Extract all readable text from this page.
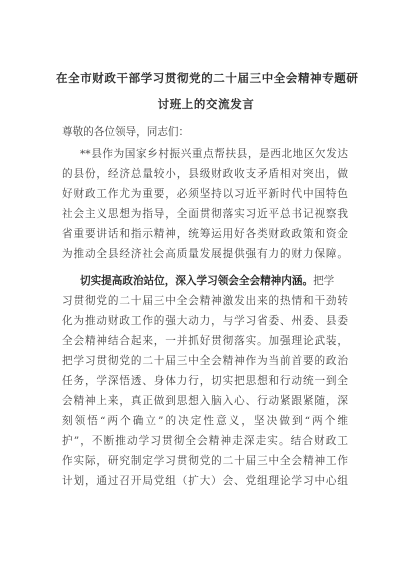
在全市财政干部学习贯彻党的二十届三中全会精神专题研
讨班上的交流发言
尊敬的各位领导，同志们：
**县作为国家乡村振兴重点帮扶县，是西北地区欠发达
的县份，经济总量较小，县级财政收支矛盾相对突出，做
好财政工作尤为重要，必须坚持以习近平新时代中国特色
社会主义思想为指导，全面贯彻落实习近平总书记视察我
省重要讲话和指示精神，统筹运用好各类财政政策和资金
为推动全县经济社会高质量发展提供强有力的财力保障。
切实提高政治站位，深入学习领会全会精神内涵。把学
习贯彻党的二十届三中全会精神激发出来的热情和干劲转
化为推动财政工作的强大动力，与学习省委、州委、县委
全会精神结合起来，一并抓好贯彻落实。加强理论武装，
把学习贯彻党的二十届三中全会精神作为当前首要的政治
任务，学深悟透、身体力行，切实把思想和行动统一到全
会精神上来，真正做到思想入脑入心、行动紧跟紧随，深
刻领悟“两个确立”的决定性意义，坚决做到“两个维
护”，不断推动学习贯彻全会精神走深走实。结合财政工
作实际，研究制定学习贯彻党的二十届三中全会精神工作
计划，通过召开局党组（扩大）会、党组理论学习中心组
